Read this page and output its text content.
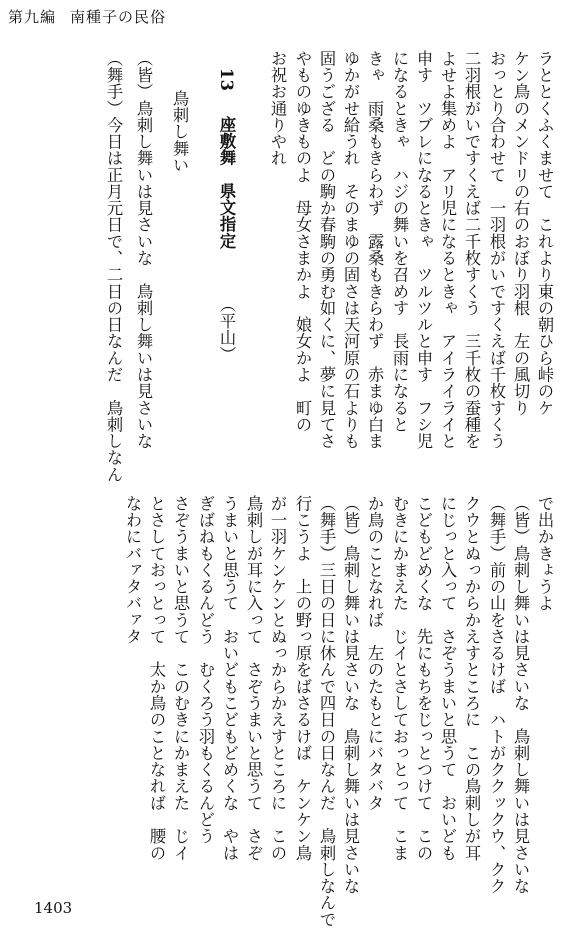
第九編 南種子の民俗
ラととくふくませて　これより東の朝ひら峠のケ
ケン鳥のメンドリの右のおぼり羽根　左の風切り
おっとり合わせて　一羽根がいですくえば千枚すくう
二羽根がいですくえば二千枚すくう　三千枚の蚕種を
よせよ集めよ　アリ児になるときゃ　アイライライと
申す　ツブレになるときゃ　ツルツルと申す　フシ児
になるときゃ　ハジの舞いを召めす　長雨になると
きゃ　雨桑もきらわず　露桑もきらわず　赤まゆ白ま
ゆかがせ給うれ　そのまゆの固さは天河原の石よりも
固うござる　どの駒か春駒の勇む如くに、夢に見てさ
やものゆきものよ　母女さまかよ　娘女かよ　町の
お祝お通りやれ
13
座敷舞　県文指定
（平山）
鳥刺し舞い
（皆）鳥刺し舞いは見さいな　鳥刺し舞いは見さいな
（舞手）今日は正月元日で、二日の日なんだ　鳥刺しなん
で出かきょうよ
（皆）鳥刺し舞いは見さいな　鳥刺し舞いは見さいな
（舞手）前の山をさるけば　ハトがククックウ、クク
クウとぬっからかえすところに　この鳥刺しが耳
にじっと入って　さぞうまいと思うて　おいども
こどもどめくな　先にもちをじっとつけて　この
むきにかまえた　じイとさしておっとって　こま
か鳥のことなれば　左のたもとにバタバタ
（皆）鳥刺し舞いは見さいな　鳥刺し舞いは見さいな
（舞手）三日の日に休んで四日の日なんだ　鳥刺しなんで
行こうよ　上の野っ原をばさるけば　ケンケン鳥
が一羽ケンケンとぬっからかえすところに　この
鳥刺しが耳に入って　さぞうまいと思うて　さぞ
うまいと思うて　おいどもこどもどめくな　やは
ぎばねもくるんどう　むくろう羽もくるんどう
さぞうまいと思うて　このむきにかまえた　じイ
とさしておっとって　太か鳥のことなれば　腰の
なわにバァタバァタ
1403
